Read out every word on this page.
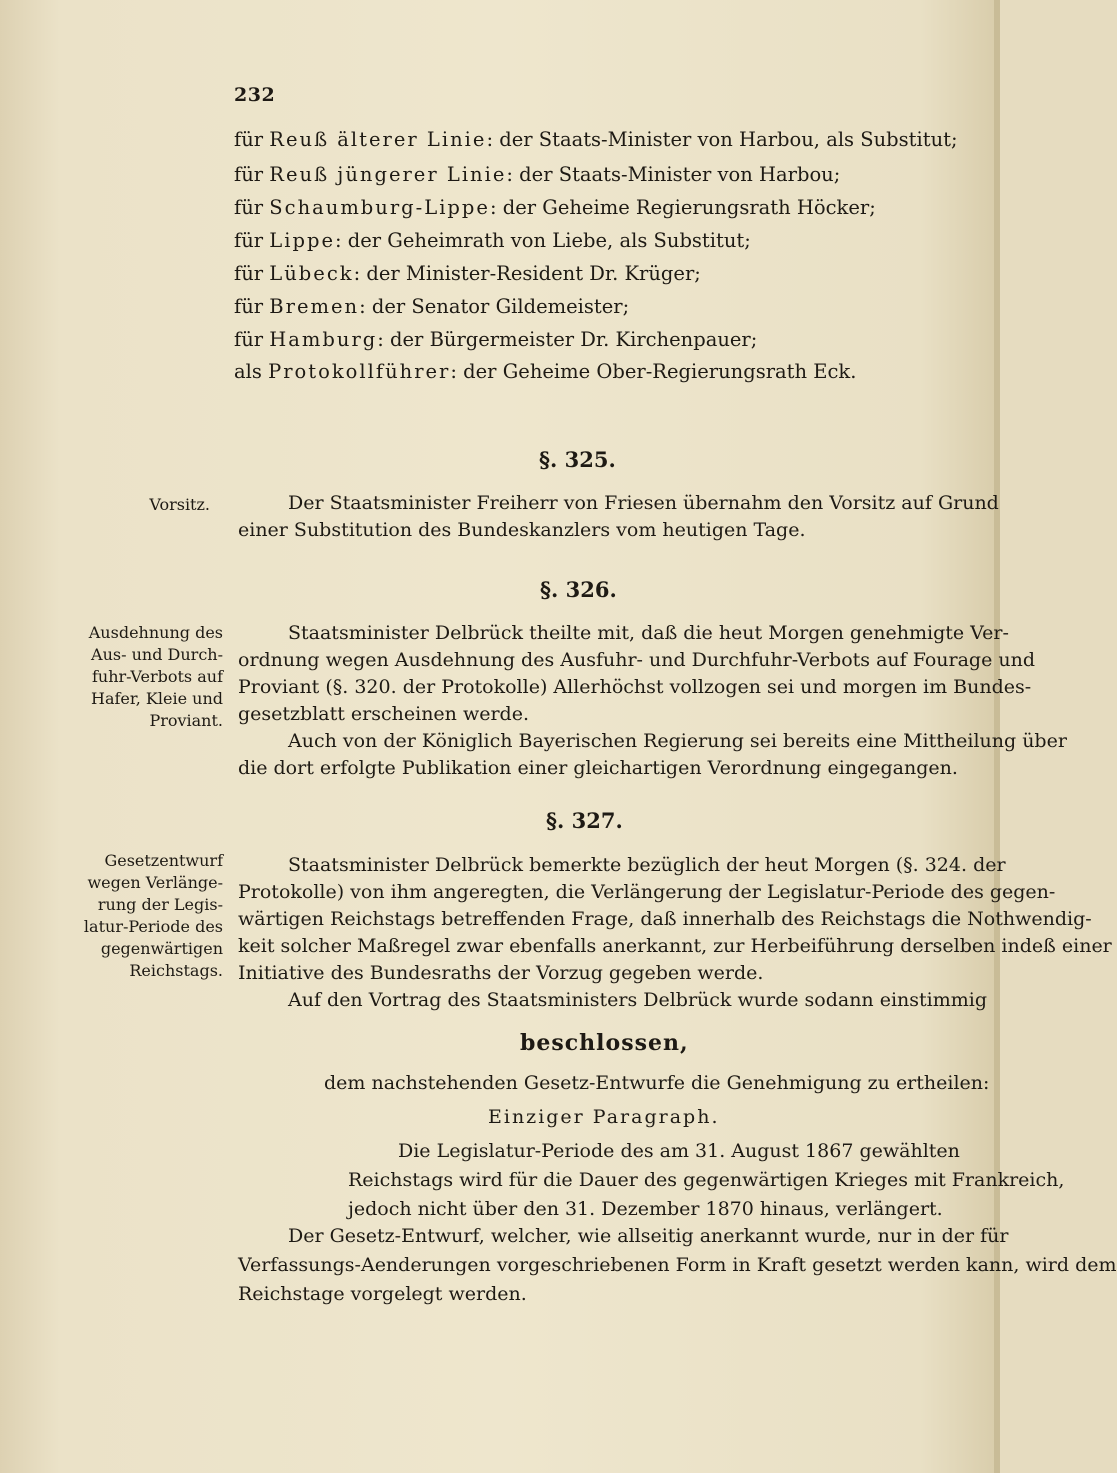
232
für Reuß älterer Linie: der Staats-Minister von Harbou, als Substitut;
für Reuß jüngerer Linie: der Staats-Minister von Harbou;
für Schaumburg-Lippe: der Geheime Regierungsrath Höcker;
für Lippe: der Geheimrath von Liebe, als Substitut;
für Lübeck: der Minister-Resident Dr. Krüger;
für Bremen: der Senator Gildemeister;
für Hamburg: der Bürgermeister Dr. Kirchenpauer;
als Protokollführer: der Geheime Ober-Regierungsrath Eck.
§. 325.
Vorsitz.	Der Staatsminister Freiherr von Friesen übernahm den Vorsitz auf Grund
einer Substitution des Bundeskanzlers vom heutigen Tage.
§. 326.
Ausdehnung des
Aus- und Durch-
fuhr-Verbots auf
Hafer, Kleie und
Proviant.
Staatsminister Delbrück theilte mit, daß die heut Morgen genehmigte Ver-
ordnung wegen Ausdehnung des Ausfuhr- und Durchfuhr-Verbots auf Fourage und
Proviant (§. 320. der Protokolle) Allerhöchst vollzogen sei und morgen im Bundes-
gesetzblatt erscheinen werde.
Auch von der Königlich Bayerischen Regierung sei bereits eine Mittheilung über
die dort erfolgte Publikation einer gleichartigen Verordnung eingegangen.
§. 327.
Gesetzentwurf
wegen Verlänge-
rung der Legis-
latur-Periode des
gegenwärtigen
Reichstags.
Staatsminister Delbrück bemerkte bezüglich der heut Morgen (§. 324. der
Protokolle) von ihm angeregten, die Verlängerung der Legislatur-Periode des gegen-
wärtigen Reichstags betreffenden Frage, daß innerhalb des Reichstags die Nothwendig-
keit solcher Maßregel zwar ebenfalls anerkannt, zur Herbeiführung derselben indeß einer
Initiative des Bundesraths der Vorzug gegeben werde.
Auf den Vortrag des Staatsministers Delbrück wurde sodann einstimmig
beschlossen,
dem nachstehenden Gesetz-Entwurfe die Genehmigung zu ertheilen:
Einziger Paragraph.
Die Legislatur-Periode des am 31. August 1867 gewählten
Reichstags wird für die Dauer des gegenwärtigen Krieges mit Frankreich,
jedoch nicht über den 31. Dezember 1870 hinaus, verlängert.
Der Gesetz-Entwurf, welcher, wie allseitig anerkannt wurde, nur in der für
Verfassungs-Aenderungen vorgeschriebenen Form in Kraft gesetzt werden kann, wird dem
Reichstage vorgelegt werden.
